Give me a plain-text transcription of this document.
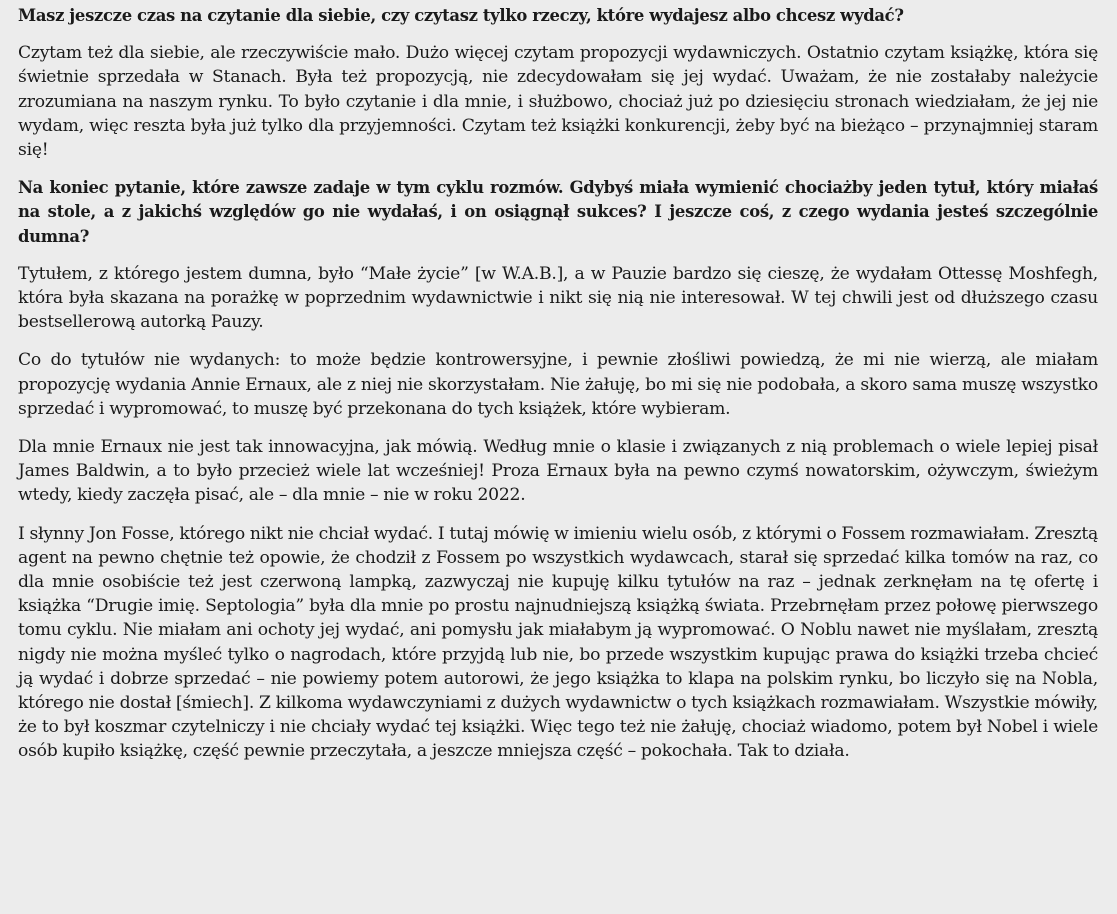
Masz jeszcze czas na czytanie dla siebie, czy czytasz tylko rzeczy, które wydajesz albo chcesz wydać?

Czytam też dla siebie, ale rzeczywiście mało. Dużo więcej czytam propozycji wydawniczych. Ostatnio czytam książkę, która się świetnie sprzedała w Stanach. Była też propozycją, nie zdecydowałam się jej wydać. Uważam, że nie zostałaby należycie zrozumiana na naszym rynku. To było czytanie i dla mnie, i służbowo, chociaż już po dziesięciu stronach wiedziałam, że jej nie wydam, więc reszta była już tylko dla przyjemności. Czytam też książki konkurencji, żeby być na bieżąco – przynajmniej staram się!

Na koniec pytanie, które zawsze zadaje w tym cyklu rozmów. Gdybyś miała wymienić chociażby jeden tytuł, który miałaś na stole, a z jakichś względów go nie wydałaś, i on osiągnął sukces? I jeszcze coś, z czego wydania jesteś szczególnie dumna?

Tytułem, z którego jestem dumna, było “Małe życie” [w W.A.B.], a w Pauzie bardzo się cieszę, że wydałam Ottessę Moshfegh, która była skazana na porażkę w poprzednim wydawnictwie i nikt się nią nie interesował. W tej chwili jest od dłuższego czasu bestsellerową autorką Pauzy.

Co do tytułów nie wydanych: to może będzie kontrowersyjne, i pewnie złośliwi powiedzą, że mi nie wierzą, ale miałam propozycję wydania Annie Ernaux, ale z niej nie skorzystałam. Nie żałuję, bo mi się nie podobała, a skoro sama muszę wszystko sprzedać i wypromować, to muszę być przekonana do tych książek, które wybieram.

Dla mnie Ernaux nie jest tak innowacyjna, jak mówią. Według mnie o klasie i związanych z nią problemach o wiele lepiej pisał James Baldwin, a to było przecież wiele lat wcześniej! Proza Ernaux była na pewno czymś nowatorskim, ożywczym, świeżym wtedy, kiedy zaczęła pisać, ale – dla mnie – nie w roku 2022.

I słynny Jon Fosse, którego nikt nie chciał wydać. I tutaj mówię w imieniu wielu osób, z którymi o Fossem rozmawiałam. Zresztą agent na pewno chętnie też opowie, że chodził z Fossem po wszystkich wydawcach, starał się sprzedać kilka tomów na raz, co dla mnie osobiście też jest czerwoną lampką, zazwyczaj nie kupuję kilku tytułów na raz – jednak zerknęłam na tę ofertę i książka “Drugie imię. Septologia” była dla mnie po prostu najnudniejszą książką świata. Przebrnęłam przez połowę pierwszego tomu cyklu. Nie miałam ani ochoty jej wydać, ani pomysłu jak miałabym ją wypromować. O Noblu nawet nie myślałam, zresztą nigdy nie można myśleć tylko o nagrodach, które przyjdą lub nie, bo przede wszystkim kupując prawa do książki trzeba chcieć ją wydać i dobrze sprzedać – nie powiemy potem autorowi, że jego książka to klapa na polskim rynku, bo liczyło się na Nobla, którego nie dostał [śmiech]. Z kilkoma wydawczyniami z dużych wydawnictw o tych książkach rozmawiałam. Wszystkie mówiły, że to był koszmar czytelniczy i nie chciały wydać tej książki. Więc tego też nie żałuję, chociaż wiadomo, potem był Nobel i wiele osób kupiło książkę, część pewnie przeczytała, a jeszcze mniejsza część – pokochała. Tak to działa.
